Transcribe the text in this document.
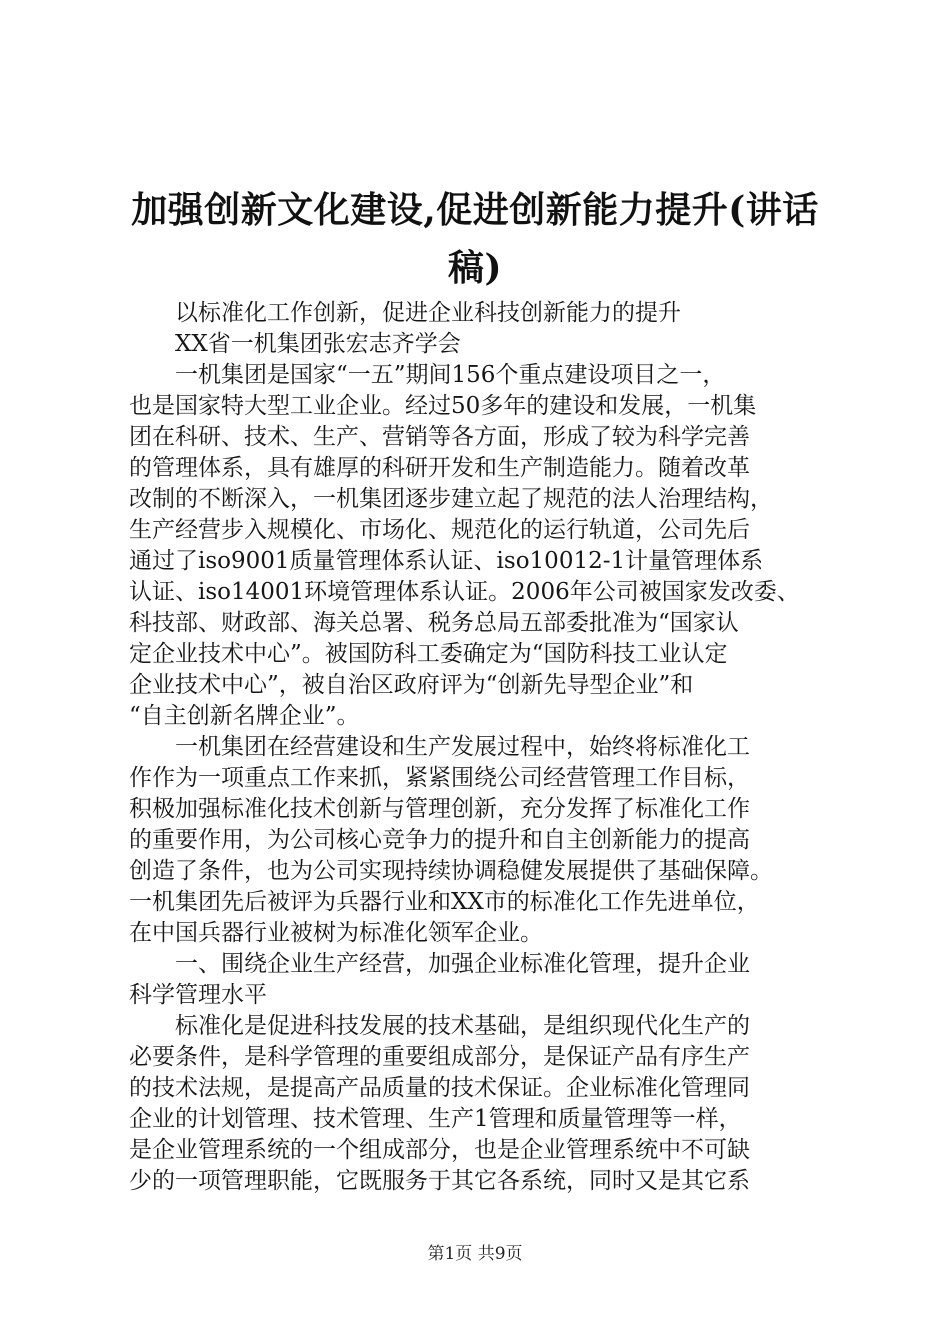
加强创新文化建设,促进创新能力提升(讲话
稿)
　　以标准化工作创新，促进企业科技创新能力的提升
　　XX省一机集团张宏志齐学会
　　一机集团是国家“一五”期间156个重点建设项目之一，
也是国家特大型工业企业。经过50多年的建设和发展，一机集
团在科研、技术、生产、营销等各方面，形成了较为科学完善
的管理体系，具有雄厚的科研开发和生产制造能力。随着改革
改制的不断深入，一机集团逐步建立起了规范的法人治理结构，
生产经营步入规模化、市场化、规范化的运行轨道，公司先后
通过了iso9001质量管理体系认证、iso10012-1计量管理体系
认证、iso14001环境管理体系认证。2006年公司被国家发改委、
科技部、财政部、海关总署、税务总局五部委批准为“国家认
定企业技术中心”。被国防科工委确定为“国防科技工业认定
企业技术中心”，被自治区政府评为“创新先导型企业”和
“自主创新名牌企业”。
　　一机集团在经营建设和生产发展过程中，始终将标准化工
作作为一项重点工作来抓，紧紧围绕公司经营管理工作目标，
积极加强标准化技术创新与管理创新，充分发挥了标准化工作
的重要作用，为公司核心竞争力的提升和自主创新能力的提高
创造了条件，也为公司实现持续协调稳健发展提供了基础保障。
一机集团先后被评为兵器行业和XX市的标准化工作先进单位，
在中国兵器行业被树为标准化领军企业。
　　一、围绕企业生产经营，加强企业标准化管理，提升企业
科学管理水平
　　标准化是促进科技发展的技术基础，是组织现代化生产的
必要条件，是科学管理的重要组成部分，是保证产品有序生产
的技术法规，是提高产品质量的技术保证。企业标准化管理同
企业的计划管理、技术管理、生产1管理和质量管理等一样，
是企业管理系统的一个组成部分，也是企业管理系统中不可缺
少的一项管理职能，它既服务于其它各系统，同时又是其它系
第1页 共9页
